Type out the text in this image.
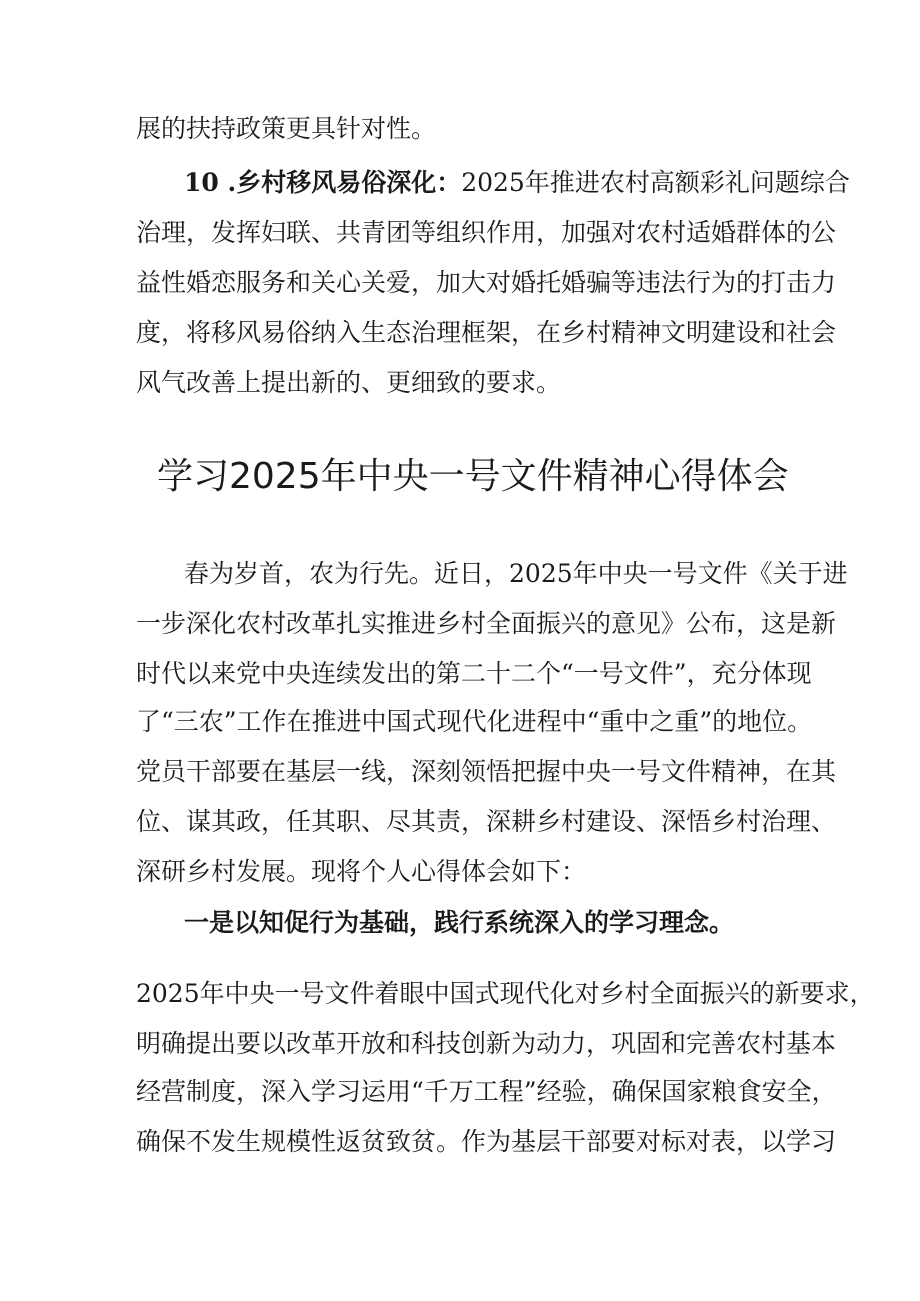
展的扶持政策更具针对性。

10 .乡村移风易俗深化：2025年推进农村高额彩礼问题综合

治理，发挥妇联、共青团等组织作用，加强对农村适婚群体的公

益性婚恋服务和关心关爱，加大对婚托婚骗等违法行为的打击力

度，将移风易俗纳入生态治理框架，在乡村精神文明建设和社会

风气改善上提出新的、更细致的要求。

学习2025年中央一号文件精神心得体会

春为岁首，农为行先。近日，2025年中央一号文件《关于进

一步深化农村改革扎实推进乡村全面振兴的意见》公布，这是新

时代以来党中央连续发出的第二十二个“一号文件”，充分体现

了“三农”工作在推进中国式现代化进程中“重中之重”的地位。

党员干部要在基层一线，深刻领悟把握中央一号文件精神，在其

位、谋其政，任其职、尽其责，深耕乡村建设、深悟乡村治理、

深研乡村发展。现将个人心得体会如下：

一是以知促行为基础，践行系统深入的学习理念。

2025年中央一号文件着眼中国式现代化对乡村全面振兴的新要求，

明确提出要以改革开放和科技创新为动力，巩固和完善农村基本

经营制度，深入学习运用“千万工程”经验，确保国家粮食安全，

确保不发生规模性返贫致贫。作为基层干部要对标对表，以学习
